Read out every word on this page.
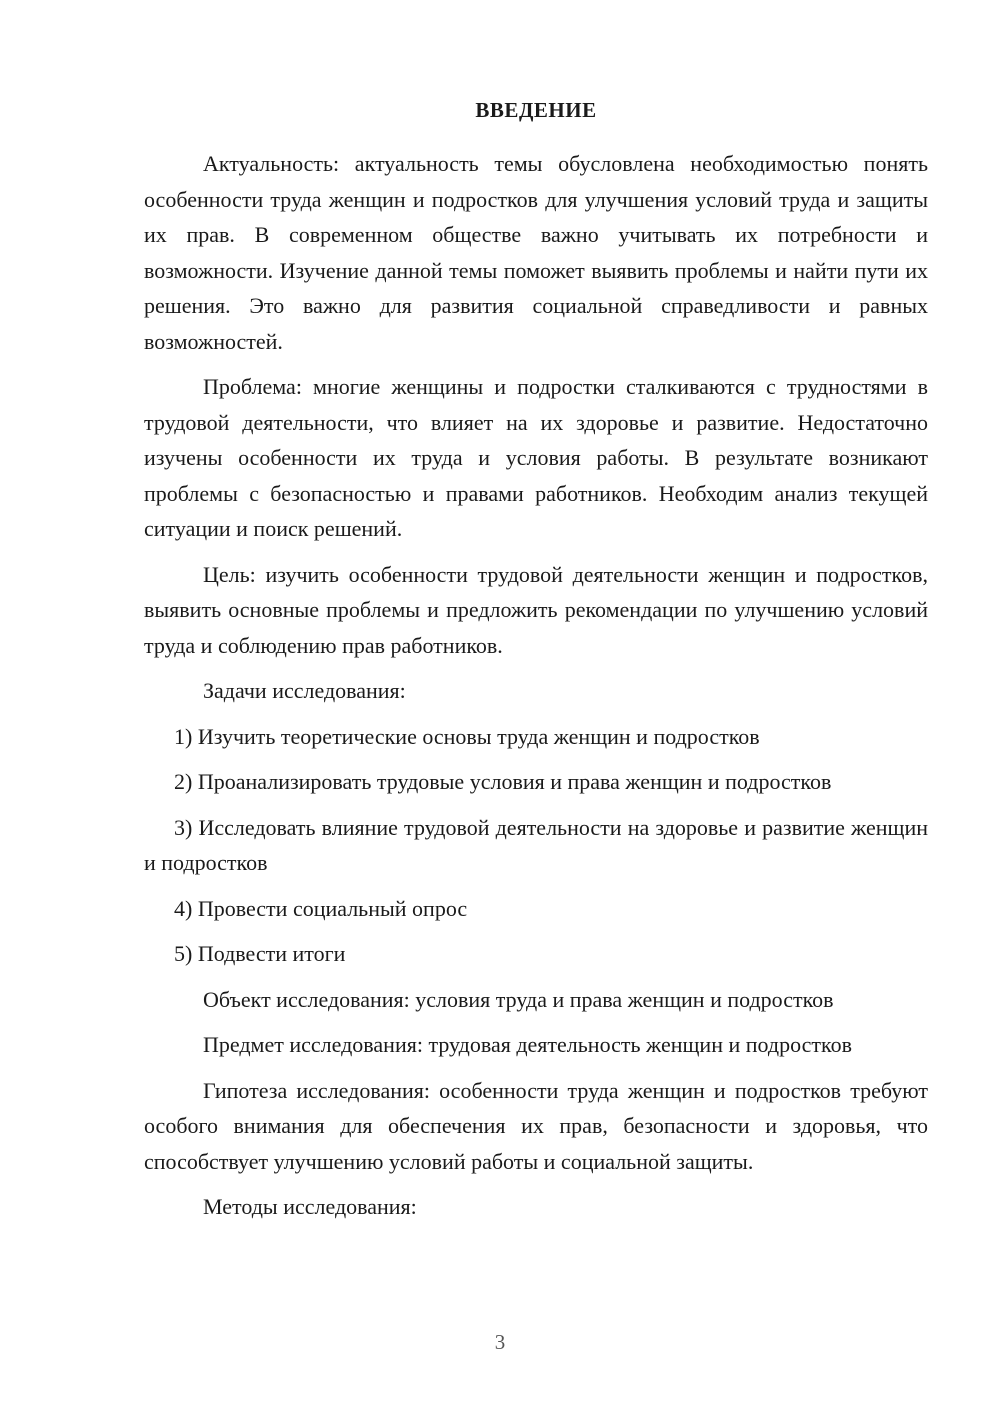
ВВЕДЕНИЕ

Актуальность: актуальность темы обусловлена необходимостью понять особенности труда женщин и подростков для улучшения условий труда и защиты их прав. В современном обществе важно учитывать их потребности и возможности. Изучение данной темы поможет выявить проблемы и найти пути их решения. Это важно для развития социальной справедливости и равных возможностей.

Проблема: многие женщины и подростки сталкиваются с трудностями в трудовой деятельности, что влияет на их здоровье и развитие. Недостаточно изучены особенности их труда и условия работы. В результате возникают проблемы с безопасностью и правами работников. Необходим анализ текущей ситуации и поиск решений.

Цель: изучить особенности трудовой деятельности женщин и подростков, выявить основные проблемы и предложить рекомендации по улучшению условий труда и соблюдению прав работников.

Задачи исследования:

1) Изучить теоретические основы труда женщин и подростков

2) Проанализировать трудовые условия и права женщин и подростков

3) Исследовать влияние трудовой деятельности на здоровье и развитие женщин и подростков

4) Провести социальный опрос

5) Подвести итоги

Объект исследования: условия труда и права женщин и подростков

Предмет исследования: трудовая деятельность женщин и подростков

Гипотеза исследования: особенности труда женщин и подростков требуют особого внимания для обеспечения их прав, безопасности и здоровья, что способствует улучшению условий работы и социальной защиты.

Методы исследования:

3
